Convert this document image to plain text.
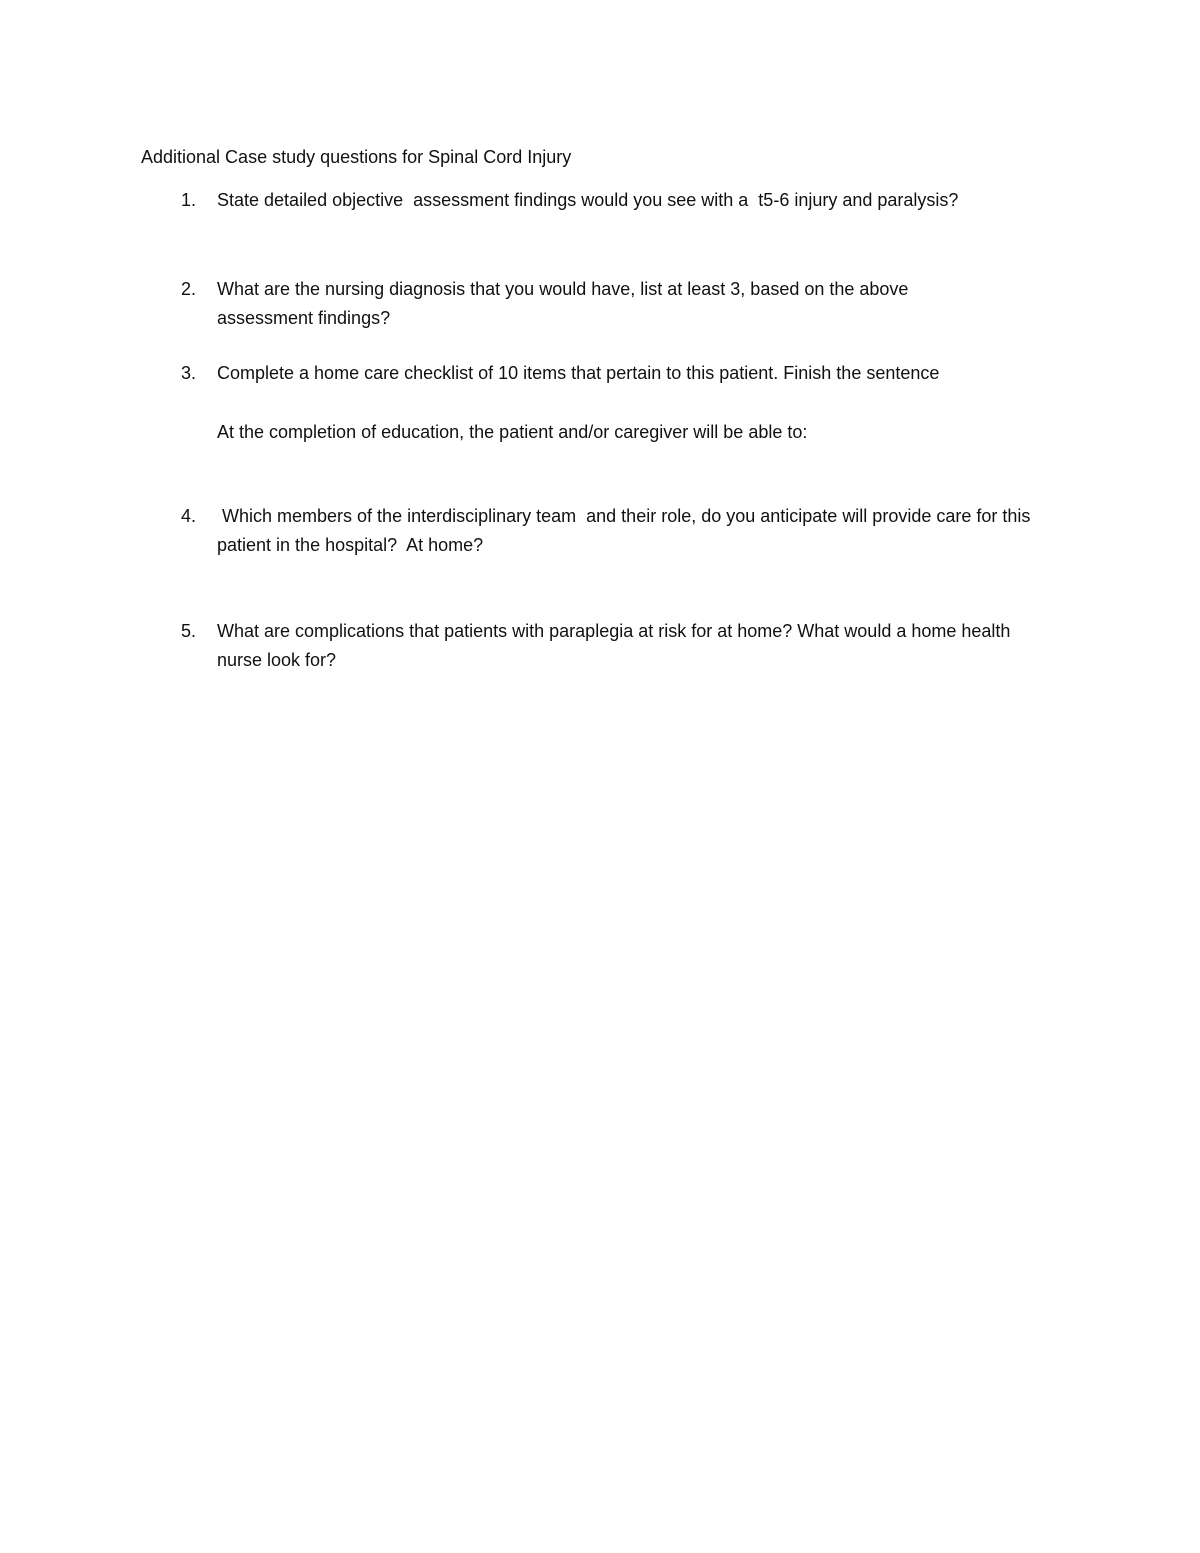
Additional Case study questions for Spinal Cord Injury
1.	State detailed objective  assessment findings would you see with a  t5-6 injury and paralysis?
2.	What are the nursing diagnosis that you would have, list at least 3, based on the above assessment findings?
3.	Complete a home care checklist of 10 items that pertain to this patient. Finish the sentence
At the completion of education, the patient and/or caregiver will be able to:
4.	Which members of the interdisciplinary team  and their role, do you anticipate will provide care for this patient in the hospital?  At home?
5.	What are complications that patients with paraplegia at risk for at home? What would a home health nurse look for?
